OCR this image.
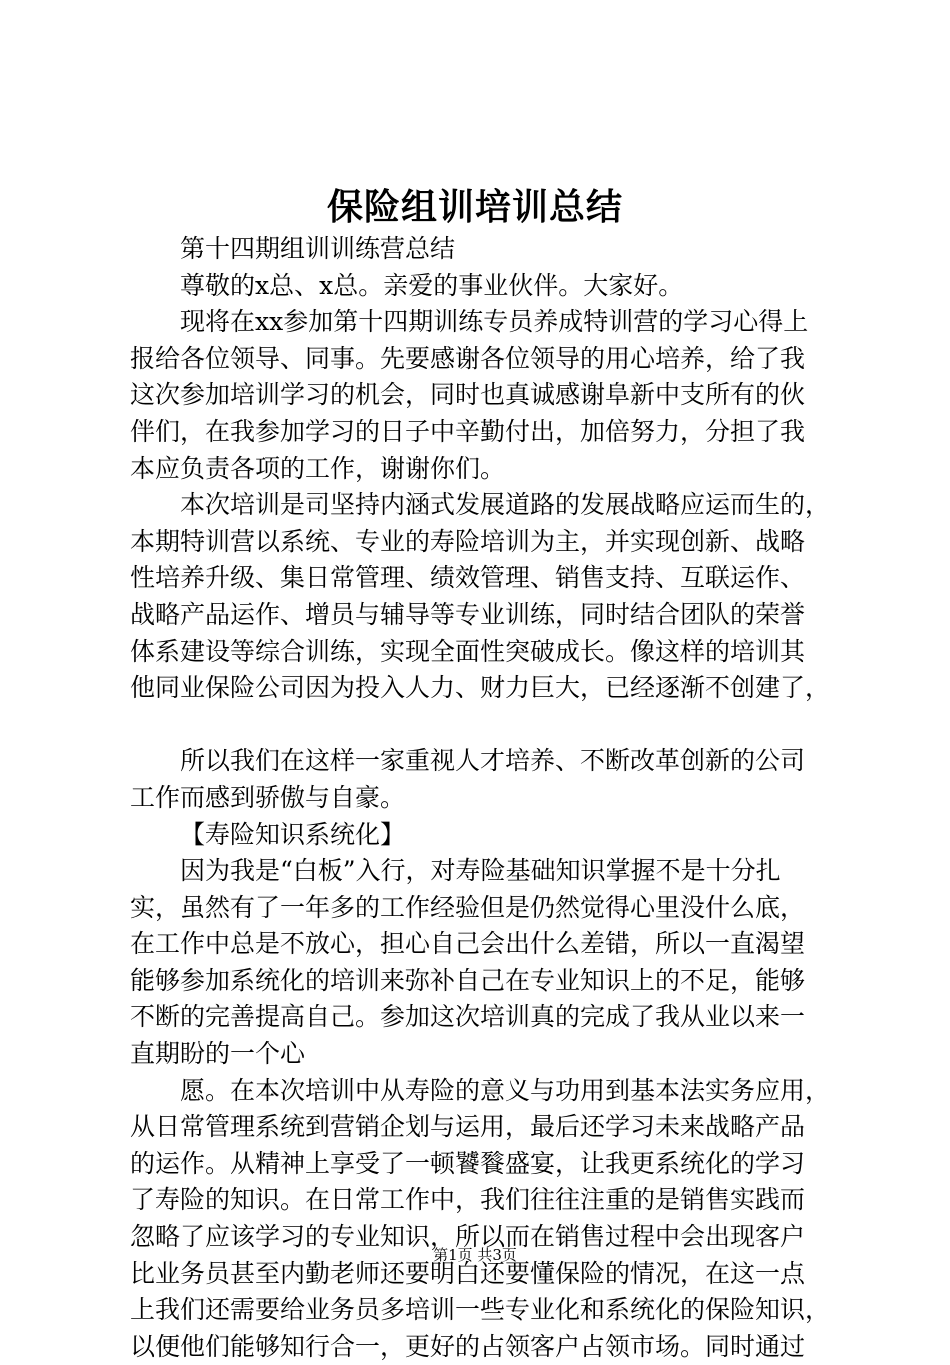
保险组训培训总结
第十四期组训训练营总结
尊敬的x总、x总。亲爱的事业伙伴。大家好。
现将在xx参加第十四期训练专员养成特训营的学习心得上
报给各位领导、同事。先要感谢各位领导的用心培养，给了我
这次参加培训学习的机会，同时也真诚感谢阜新中支所有的伙
伴们，在我参加学习的日子中辛勤付出，加倍努力，分担了我
本应负责各项的工作，谢谢你们。
本次培训是司坚持内涵式发展道路的发展战略应运而生的，
本期特训营以系统、专业的寿险培训为主，并实现创新、战略
性培养升级、集日常管理、绩效管理、销售支持、互联运作、
战略产品运作、增员与辅导等专业训练，同时结合团队的荣誉
体系建设等综合训练，实现全面性突破成长。像这样的培训其
他同业保险公司因为投入人力、财力巨大，已经逐渐不创建了，
所以我们在这样一家重视人才培养、不断改革创新的公司
工作而感到骄傲与自豪。
【寿险知识系统化】
因为我是“白板”入行，对寿险基础知识掌握不是十分扎
实，虽然有了一年多的工作经验但是仍然觉得心里没什么底，
在工作中总是不放心，担心自己会出什么差错，所以一直渴望
能够参加系统化的培训来弥补自己在专业知识上的不足，能够
不断的完善提高自己。参加这次培训真的完成了我从业以来一
直期盼的一个心
愿。在本次培训中从寿险的意义与功用到基本法实务应用，
从日常管理系统到营销企划与运用，最后还学习未来战略产品
的运作。从精神上享受了一顿饕餮盛宴，让我更系统化的学习
了寿险的知识。在日常工作中，我们往往注重的是销售实践而
忽略了应该学习的专业知识，所以而在销售过程中会出现客户
比业务员甚至内勤老师还要明白还要懂保险的情况，在这一点
上我们还需要给业务员多培训一些专业化和系统化的保险知识，
以便他们能够知行合一，更好的占领客户占领市场。同时通过
第1页 共3页
